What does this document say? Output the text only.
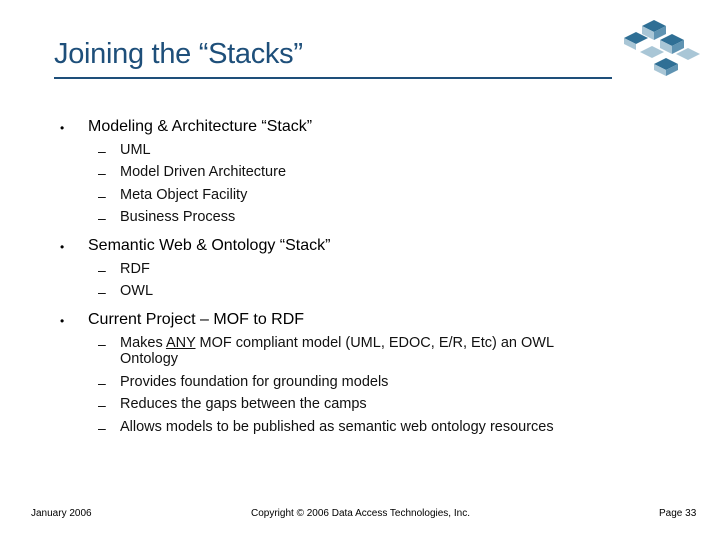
Joining the “Stacks”
• Modeling & Architecture “Stack”
– UML
– Model Driven Architecture
– Meta Object Facility
– Business Process
• Semantic Web & Ontology “Stack”
– RDF
– OWL
• Current Project – MOF to RDF
– Makes ANY MOF compliant model (UML, EDOC, E/R, Etc) an OWL Ontology
– Provides foundation for grounding models
– Reduces the gaps between the camps
– Allows models to be published as semantic web ontology resources
January 2006	Copyright © 2006 Data Access Technologies, Inc.	Page 33
